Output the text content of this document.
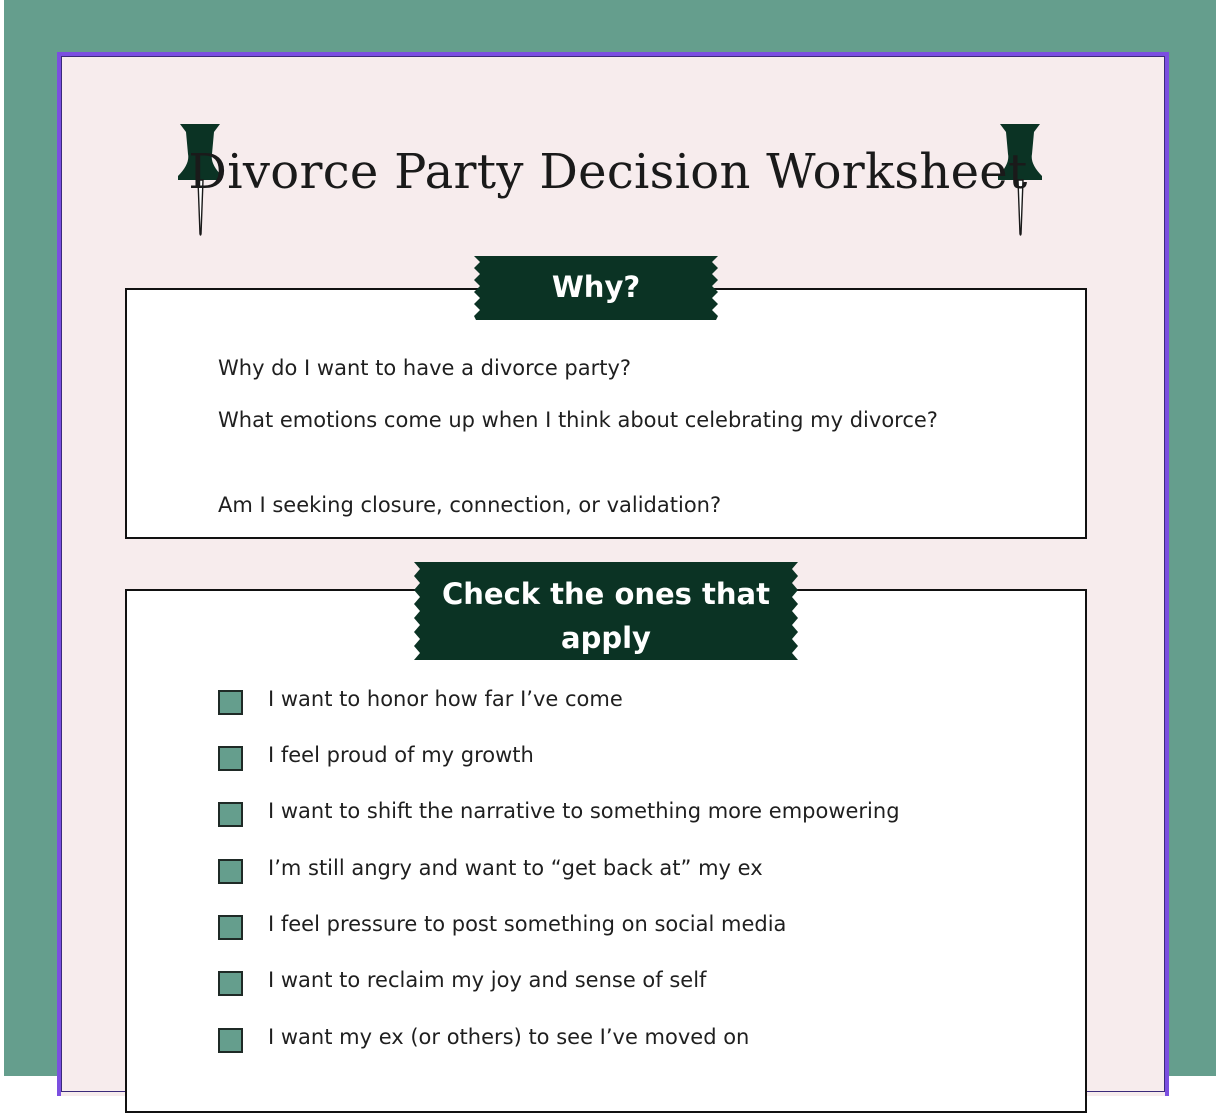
Divorce Party Decision Worksheet
Why?

Why do I want to have a divorce party?

What emotions come up when I think about celebrating my divorce?

Am I seeking closure, connection, or validation?

Check the ones that apply
I want to honor how far I’ve come
I feel proud of my growth
I want to shift the narrative to something more empowering
I’m still angry and want to “get back at” my ex
I feel pressure to post something on social media
I want to reclaim my joy and sense of self
I want my ex (or others) to see I’ve moved on
